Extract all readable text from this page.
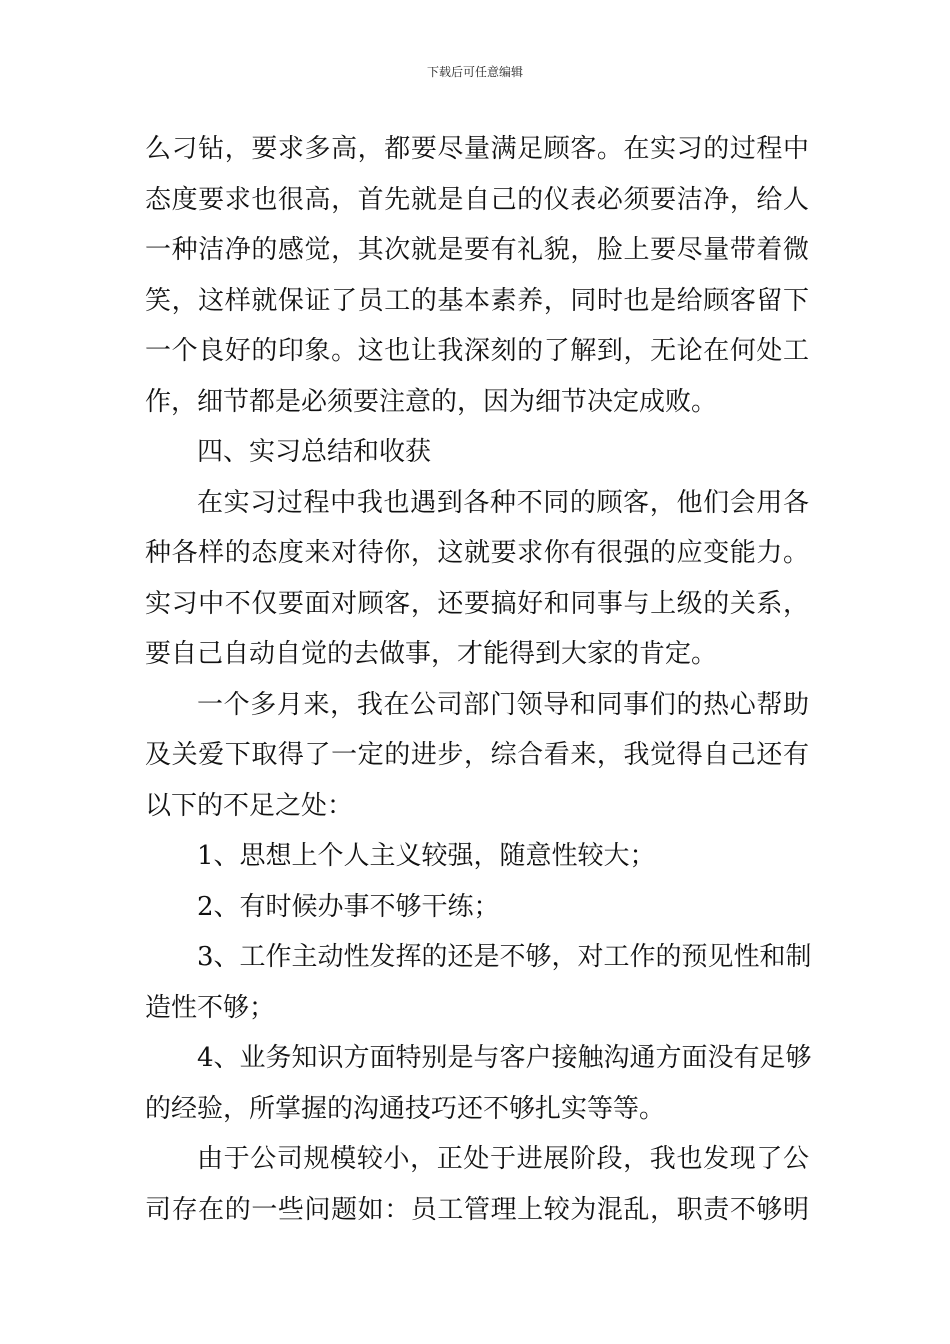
下载后可任意编辑
么刁钻，要求多高，都要尽量满足顾客。在实习的过程中
态度要求也很高，首先就是自己的仪表必须要洁净，给人
一种洁净的感觉，其次就是要有礼貌，脸上要尽量带着微
笑，这样就保证了员工的基本素养，同时也是给顾客留下
一个良好的印象。这也让我深刻的了解到，无论在何处工
作，细节都是必须要注意的，因为细节决定成败。
四、实习总结和收获
在实习过程中我也遇到各种不同的顾客，他们会用各
种各样的态度来对待你，这就要求你有很强的应变能力。
实习中不仅要面对顾客，还要搞好和同事与上级的关系，
要自己自动自觉的去做事，才能得到大家的肯定。
一个多月来，我在公司部门领导和同事们的热心帮助
及关爱下取得了一定的进步，综合看来，我觉得自己还有
以下的不足之处：
1、思想上个人主义较强，随意性较大；
2、有时候办事不够干练；
3、工作主动性发挥的还是不够，对工作的预见性和制
造性不够；
4、业务知识方面特别是与客户接触沟通方面没有足够
的经验，所掌握的沟通技巧还不够扎实等等。
由于公司规模较小，正处于进展阶段，我也发现了公
司存在的一些问题如：员工管理上较为混乱，职责不够明
